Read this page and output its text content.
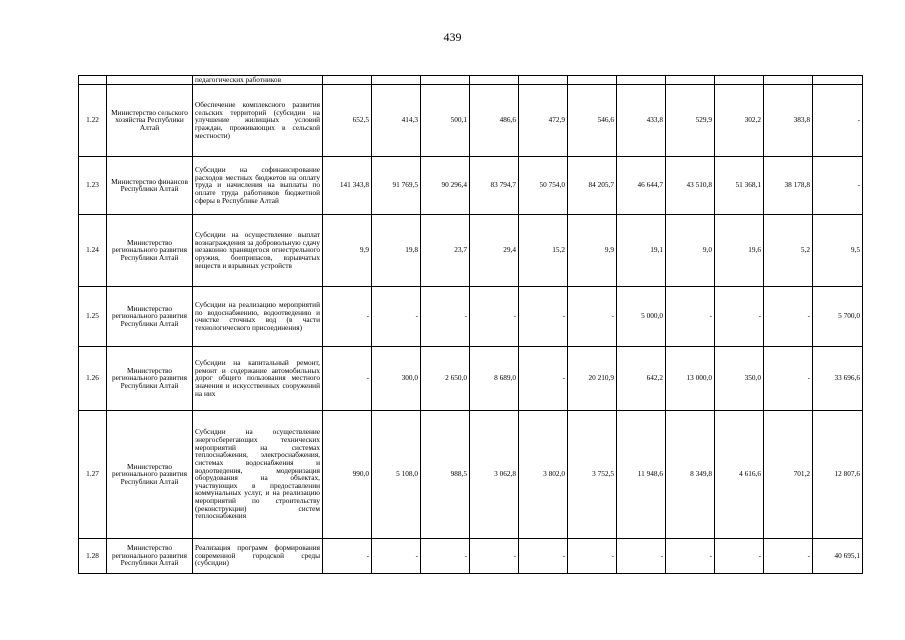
439
		педагогических работников											
1.22	Министерство сельского хозяйства Республики Алтай	Обеспечение комплексного развития сельских территорий (субсидии на улучшение жилищных условий граждан, проживающих в сельской местности)	652,5	414,3	500,1	486,6	472,9	546,6	433,8	529,9	302,2	383,8	-
1.23	Министерство финансов Республики Алтай	Субсидии на софинансирование расходов местных бюджетов на оплату труда и начисления на выплаты по оплате труда работников бюджетной сферы в Республике Алтай	141 343,8	91 769,5	90 296,4	83 794,7	50 754,0	84 205,7	46 644,7	43 510,8	51 368,1	38 178,8	-
1.24	Министерство регионального развития Республики Алтай	Субсидии на осуществление выплат вознаграждения за добровольную сдачу незаконно хранящегося огнестрельного оружия, боеприпасов, взрывчатых веществ и взрывных устройств	9,9	19,8	23,7	29,4	15,2	9,9	19,1	9,0	19,6	5,2	9,5
1.25	Министерство регионального развития Республики Алтай	Субсидии на реализацию мероприятий по водоснабжению, водоотведению и очистке сточных вод (в части технологического присоединения)	-	-	-	-	-	-	5 000,0	-	-	-	5 700,0
1.26	Министерство регионального развития Республики Алтай	Субсидии на капитальный ремонт, ремонт и содержание автомобильных дорог общего пользования местного значения и искусственных сооружений на них	-	300,0	2 650,0	8 689,0	-	20 210,9	642,2	13 000,0	350,0	-	33 696,6
1.27	Министерство регионального развития Республики Алтай	Субсидии на осуществление энергосберегающих технических мероприятий на системах теплоснабжения, электроснабжения, системах водоснабжения и водоотведения, модернизация оборудования на объектах, участвующих в предоставлении коммунальных услуг, и на реализацию мероприятий по строительству (реконструкции) систем теплоснабжения	990,0	5 108,0	988,5	3 062,8	3 802,0	3 752,5	11 948,6	8 349,8	4 616,6	701,2	12 807,6
1.28	Министерство регионального развития Республики Алтай	Реализация программ формирования современной городской среды (субсидии)	-	-	-	-	-	-	-	-	-	-	40 695,1
